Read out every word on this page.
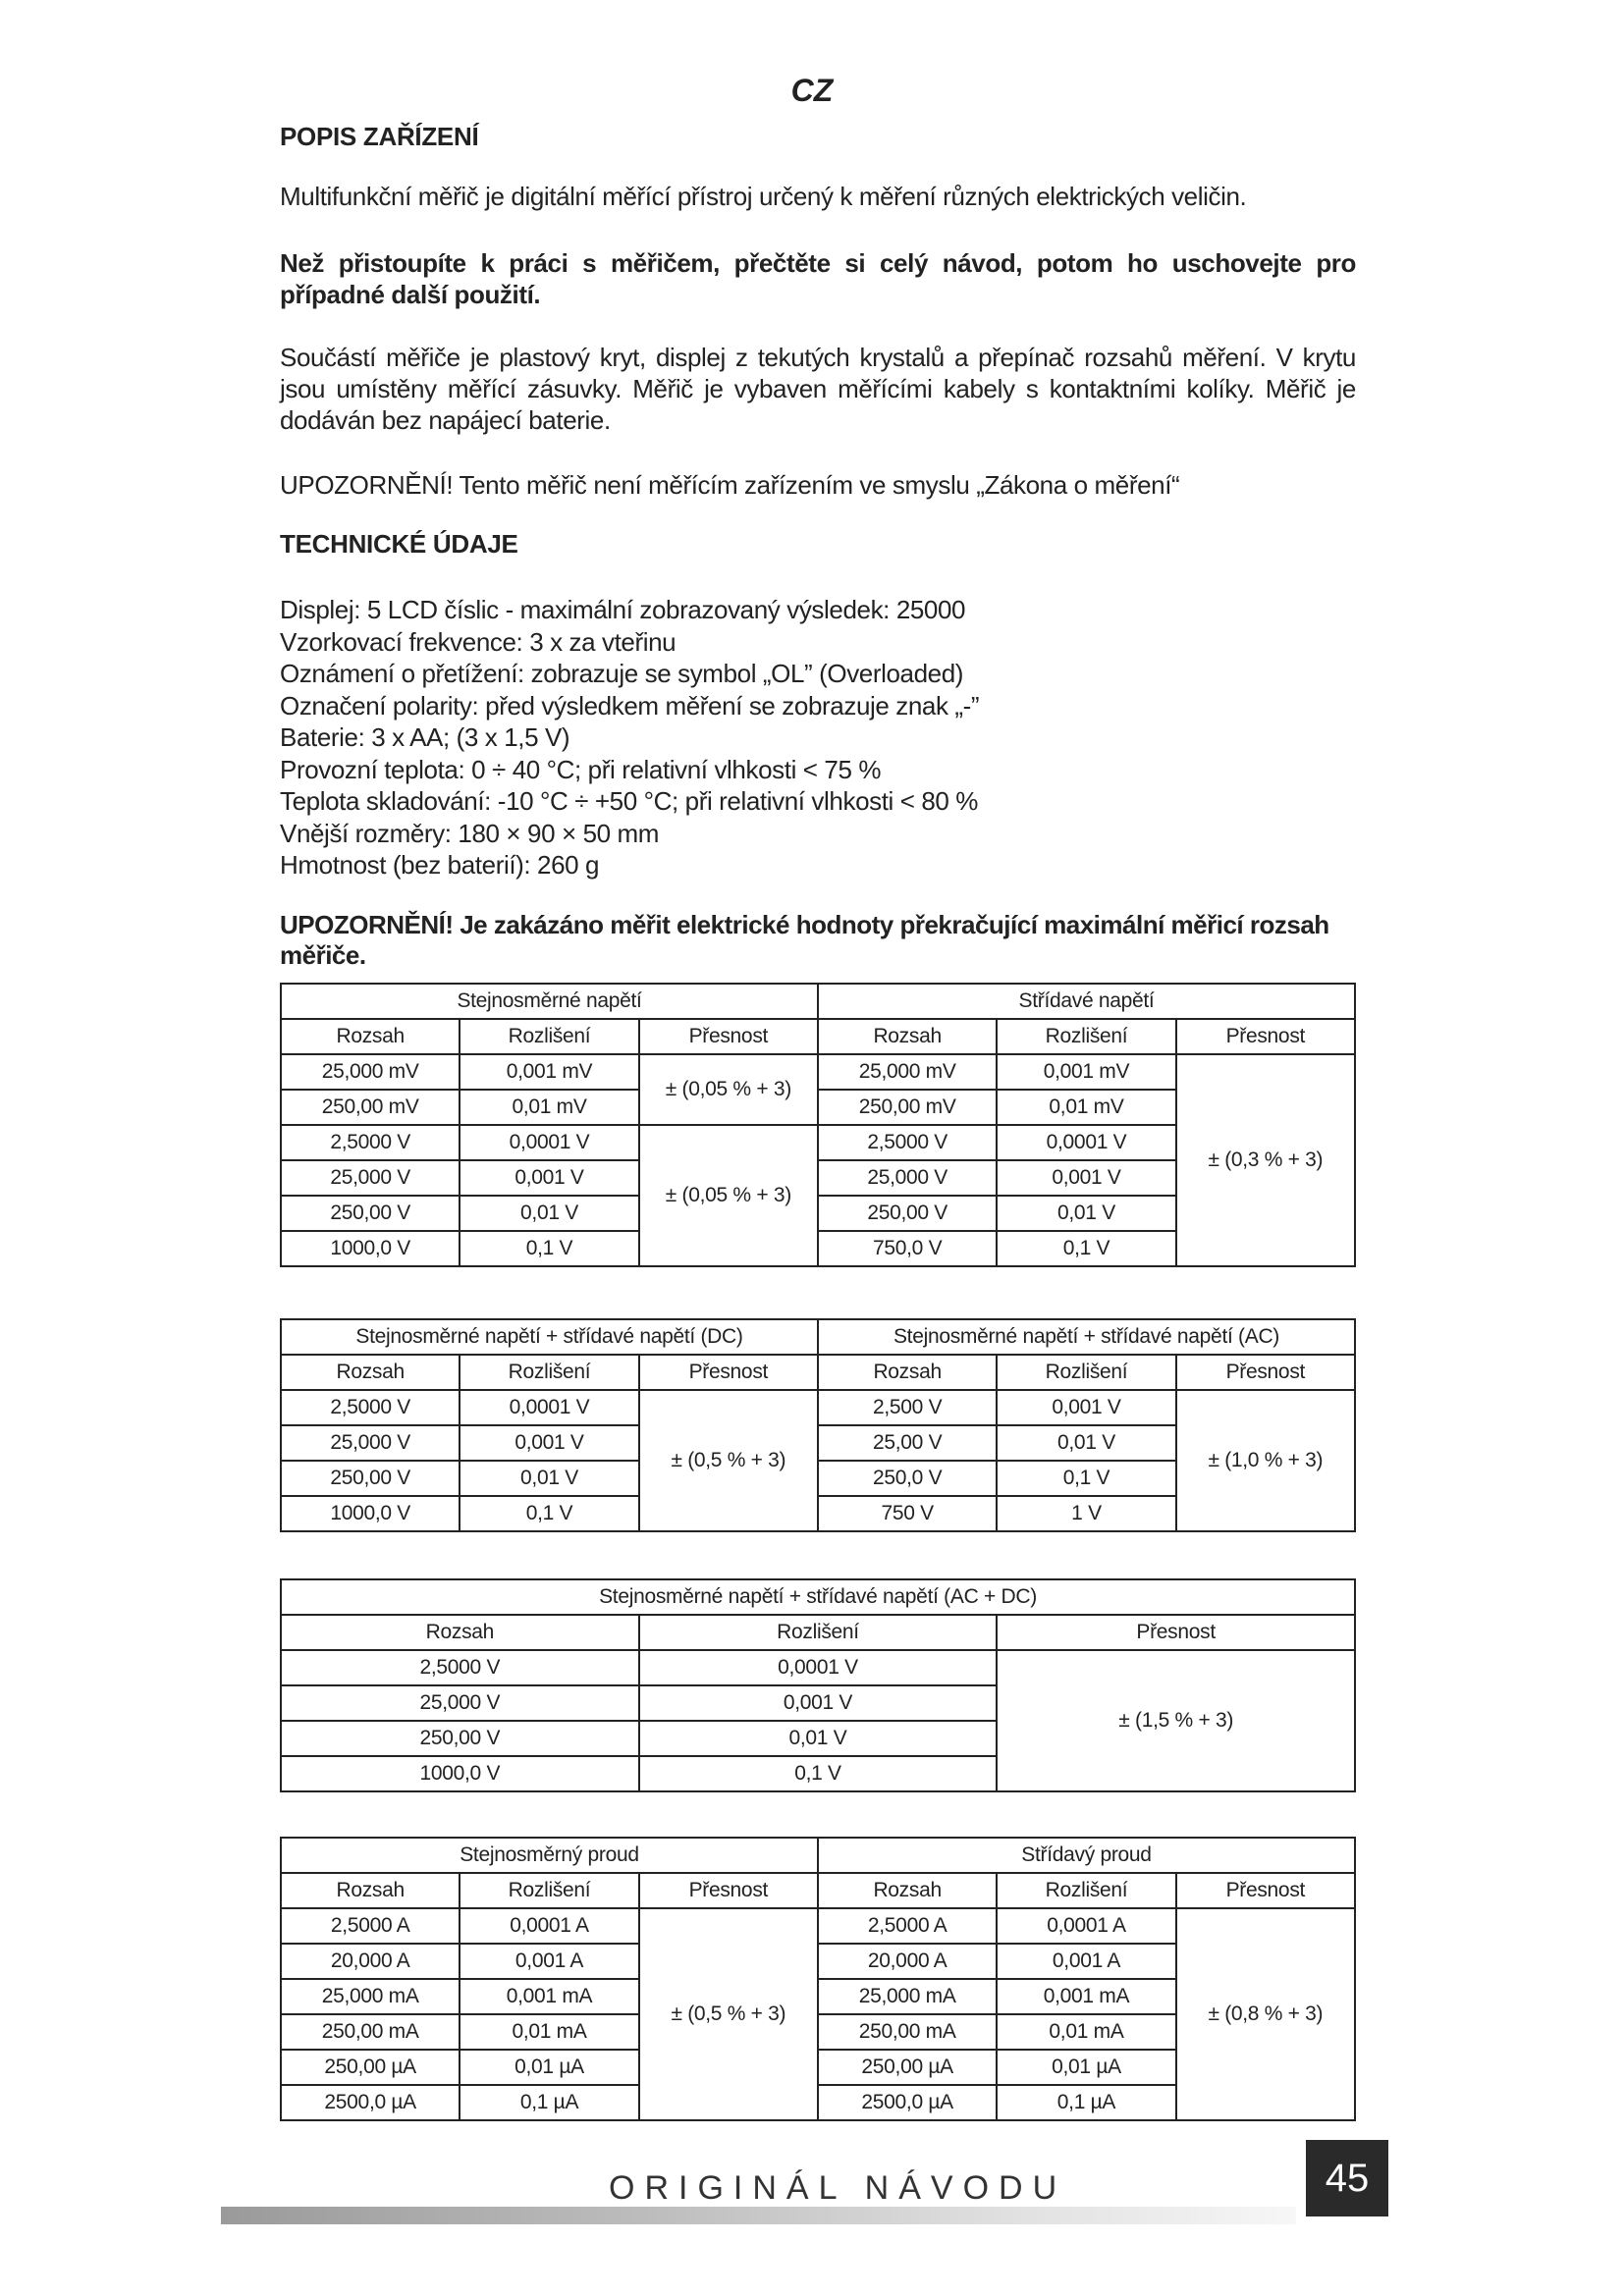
CZ
POPIS ZAŘÍZENÍ
Multifunkční měřič je digitální měřící přístroj určený k měření různých elektrických veličin.
Než přistoupíte k práci s měřičem, přečtěte si celý návod, potom ho uschovejte pro případné další použití.
Součástí měřiče je plastový kryt, displej z tekutých krystalů a přepínač rozsahů měření. V krytu jsou umístěny měřící zásuvky. Měřič je vybaven měřícími kabely s kontaktními kolíky. Měřič je dodáván bez napájecí baterie.
UPOZORNĚNÍ! Tento měřič není měřícím zařízením ve smyslu „Zákona o měření“
TECHNICKÉ ÚDAJE
Displej: 5 LCD číslic - maximální zobrazovaný výsledek: 25000
Vzorkovací frekvence: 3 x za vteřinu
Oznámení o přetížení: zobrazuje se symbol „OL” (Overloaded)
Označení polarity: před výsledkem měření se zobrazuje znak „-”
Baterie: 3 x AA; (3 x 1,5 V)
Provozní teplota: 0 ÷ 40 °C; při relativní vlhkosti < 75 %
Teplota skladování: -10 °C ÷ +50 °C; při relativní vlhkosti < 80 %
Vnější rozměry: 180 × 90 × 50 mm
Hmotnost (bez baterií): 260 g
UPOZORNĚNÍ! Je zakázáno měřit elektrické hodnoty překračující maximální měřicí rozsah měřiče.
Stejnosměrné napětí			Střídavé napětí		
Rozsah	Rozlišení	Přesnost	Rozsah	Rozlišení	Přesnost
25,000 mV	0,001 mV	± (0,05 % + 3)	25,000 mV	0,001 mV	± (0,3 % + 3)
250,00 mV	0,01 mV		250,00 mV	0,01 mV	
2,5000 V	0,0001 V	± (0,05 % + 3)	2,5000 V	0,0001 V	
25,000 V	0,001 V		25,000 V	0,001 V	
250,00 V	0,01 V		250,00 V	0,01 V	
1000,0 V	0,1 V		750,0 V	0,1 V	
Stejnosměrné napětí + střídavé napětí (DC)			Stejnosměrné napětí + střídavé napětí (AC)		
Rozsah	Rozlišení	Přesnost	Rozsah	Rozlišení	Přesnost
2,5000 V	0,0001 V	± (0,5 % + 3)	2,500 V	0,001 V	± (1,0 % + 3)
25,000 V	0,001 V		25,00 V	0,01 V	
250,00 V	0,01 V		250,0 V	0,1 V	
1000,0 V	0,1 V		750 V	1 V	
Stejnosměrné napětí + střídavé napětí (AC + DC)		
Rozsah	Rozlišení	Přesnost
2,5000 V	0,0001 V	± (1,5 % + 3)
25,000 V	0,001 V	
250,00 V	0,01 V	
1000,0 V	0,1 V	
Stejnosměrný proud			Střídavý proud		
Rozsah	Rozlišení	Přesnost	Rozsah	Rozlišení	Přesnost
2,5000 A	0,0001 A	± (0,5 % + 3)	2,5000 A	0,0001 A	± (0,8 % + 3)
20,000 A	0,001 A		20,000 A	0,001 A	
25,000 mA	0,001 mA		25,000 mA	0,001 mA	
250,00 mA	0,01 mA		250,00 mA	0,01 mA	
250,00 µA	0,01 µA		250,00 µA	0,01 µA	
2500,0 µA	0,1 µA		2500,0 µA	0,1 µA	
ORIGINÁL NÁVODU	45
